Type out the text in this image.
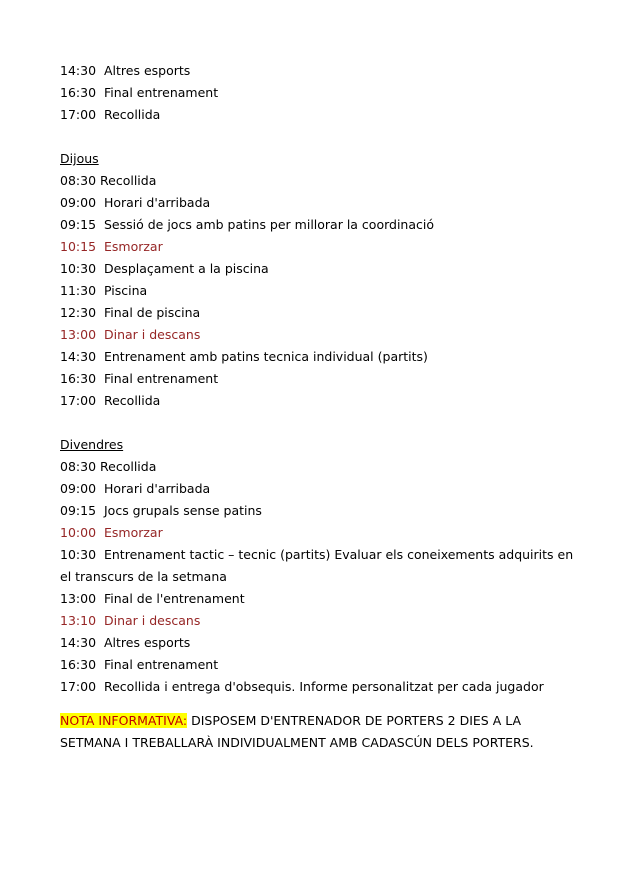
14:30 Altres esports
16:30 Final entrenament
17:00 Recollida
Dijous
08:30 Recollida
09:00 Horari d'arribada
09:15 Sessió de jocs amb patins per millorar la coordinació
10:15 Esmorzar
10:30 Desplaçament a la piscina
11:30 Piscina
12:30 Final de piscina
13:00 Dinar i descans
14:30 Entrenament amb patins tecnica individual (partits)
16:30 Final entrenament
17:00 Recollida
Divendres
08:30 Recollida
09:00 Horari d'arribada
09:15 Jocs grupals sense patins
10:00 Esmorzar
10:30 Entrenament tactic – tecnic (partits) Evaluar els coneixements adquirits en el transcurs de la setmana
13:00 Final de l'entrenament
13:10 Dinar i descans
14:30 Altres esports
16:30 Final entrenament
17:00 Recollida i entrega d'obsequis. Informe personalitzat per cada jugador
NOTA INFORMATIVA: DISPOSEM D'ENTRENADOR DE PORTERS 2 DIES A LA SETMANA I TREBALLARÀ INDIVIDUALMENT AMB CADASCÚN DELS PORTERS.
